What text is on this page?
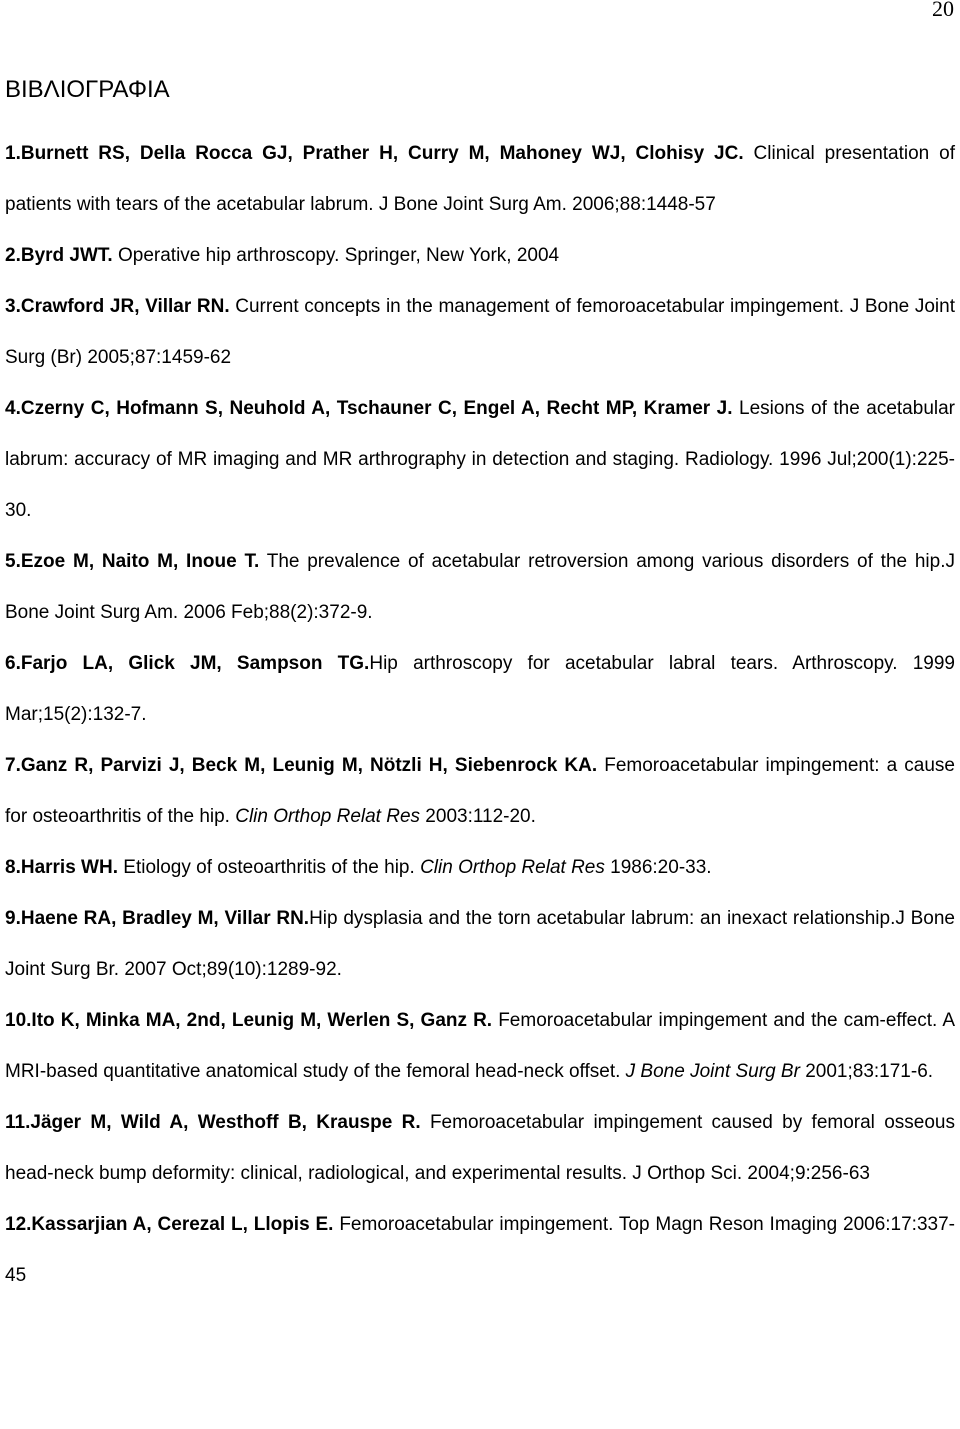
20
ΒΙΒΛΙΟΓΡΑΦΙΑ

1.Burnett RS, Della Rocca GJ, Prather H, Curry M, Mahoney WJ, Clohisy JC. Clinical presentation of patients with tears of the acetabular labrum. J Bone Joint Surg Am. 2006;88:1448-57

2.Byrd JWT. Operative hip arthroscopy. Springer, New York, 2004

3.Crawford JR, Villar RN. Current concepts in the management of femoroacetabular impingement. J Bone Joint Surg (Br) 2005;87:1459-62

4.Czerny C, Hofmann S, Neuhold A, Tschauner C, Engel A, Recht MP, Kramer J. Lesions of the acetabular labrum: accuracy of MR imaging and MR arthrography in detection and staging. Radiology. 1996 Jul;200(1):225-30.

5.Ezoe M, Naito M, Inoue T. The prevalence of acetabular retroversion among various disorders of the hip.J Bone Joint Surg Am. 2006 Feb;88(2):372-9.

6.Farjo LA, Glick JM, Sampson TG.Hip arthroscopy for acetabular labral tears. Arthroscopy. 1999 Mar;15(2):132-7.

7.Ganz R, Parvizi J, Beck M, Leunig M, Nötzli H, Siebenrock KA. Femoroacetabular impingement: a cause for osteoarthritis of the hip. Clin Orthop Relat Res 2003:112-20.

8.Harris WH. Etiology of osteoarthritis of the hip. Clin Orthop Relat Res 1986:20-33.

9.Haene RA, Bradley M, Villar RN.Hip dysplasia and the torn acetabular labrum: an inexact relationship.J Bone Joint Surg Br. 2007 Oct;89(10):1289-92.

10.Ito K, Minka MA, 2nd, Leunig M, Werlen S, Ganz R. Femoroacetabular impingement and the cam-effect. A MRI-based quantitative anatomical study of the femoral head-neck offset. J Bone Joint Surg Br 2001;83:171-6.

11.Jäger M, Wild A, Westhoff B, Krauspe R. Femoroacetabular impingement caused by femoral osseous head-neck bump deformity: clinical, radiological, and experimental results. J Orthop Sci. 2004;9:256-63

12.Kassarjian A, Cerezal L, Llopis E. Femoroacetabular impingement. Top Magn Reson Imaging 2006:17:337-45
